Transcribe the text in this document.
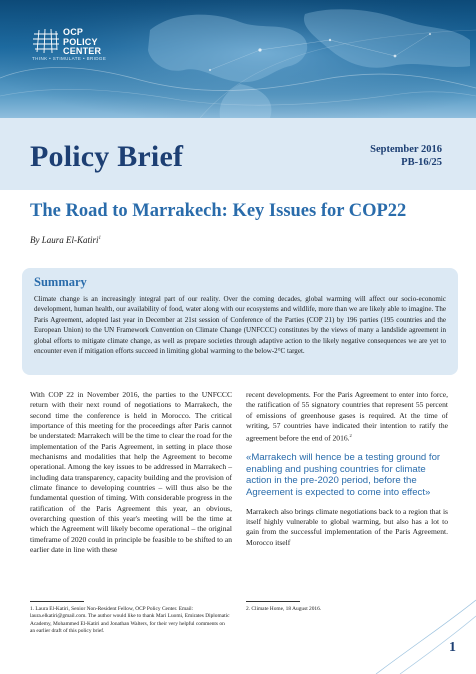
OCP
POLICY
CENTER
THINK • STIMULATE • BRIDGE
Policy Brief	September 2016
PB-16/25
The Road to Marrakech: Key Issues for COP22
By Laura El-Katiri$^1$
Summary

Climate change is an increasingly integral part of our reality. Over the coming decades, global warming will affect our socio-economic development, human health, our availability of food, water along with our ecosystems and wildlife, more than we are likely able to imagine. The Paris Agreement, adopted last year in December at 21st session of Conference of the Parties (COP 21) by 196 parties (195 countries and the European Union) to the UN Framework Convention on Climate Change (UNFCCC) constitutes by the views of many a landslide agreement in global efforts to mitigate climate change, as well as prepare societies through adaptive action to the likely negative consequences we are yet to encounter even if mitigation efforts succeed in limiting global warming to the below-2°C target.

With COP 22 in November 2016, the parties to the UNFCCC return with their next round of negotiations to Marrakech, the second time the conference is held in Morocco. The critical importance of this meeting for the proceedings after Paris cannot be understated: Marrakech will be the time to clear the road for the implementation of the Paris Agreement, in setting in place those mechanisms and modalities that help the Agreement to become operational. Among the key issues to be addressed in Marrakech – including data transparency, capacity building and the provision of climate finance to developing countries – will thus also be the fundamental question of timing. With considerable progress in the ratification of the Paris Agreement this year, an obvious, overarching question of this year's meeting will be the time at which the Agreement will likely become operational – the original timeframe of 2020 could in principle be feasible to be shifted to an earlier date in line with these

recent developments. For the Paris Agreement to enter into force, the ratification of 55 signatory countries that represent 55 percent of emissions of greenhouse gases is required. At the time of writing, 57 countries have indicated their intention to ratify the agreement before the end of 2016.$^2$

«Marrakech will hence be a testing ground for enabling and pushing countries for climate action in the pre-2020 period, before the Agreement is expected to come into effect»

Marrakech also brings climate negotiations back to a region that is itself highly vulnerable to global warming, but also has a lot to gain from the successful implementation of the Paris Agreement. Morocco itself

1. Laura El-Katiri, Senior Non-Resident Fellow, OCP Policy Center. Email: laura.elkatiri@gmail.com. The author would like to thank Mari Luomi, Emirates Diplomatic Academy, Mohammed El-Katiri and Jonathan Walters, for their very helpful comments on an earlier draft of this policy brief.
2. Climate Home, 18 August 2016.
1
